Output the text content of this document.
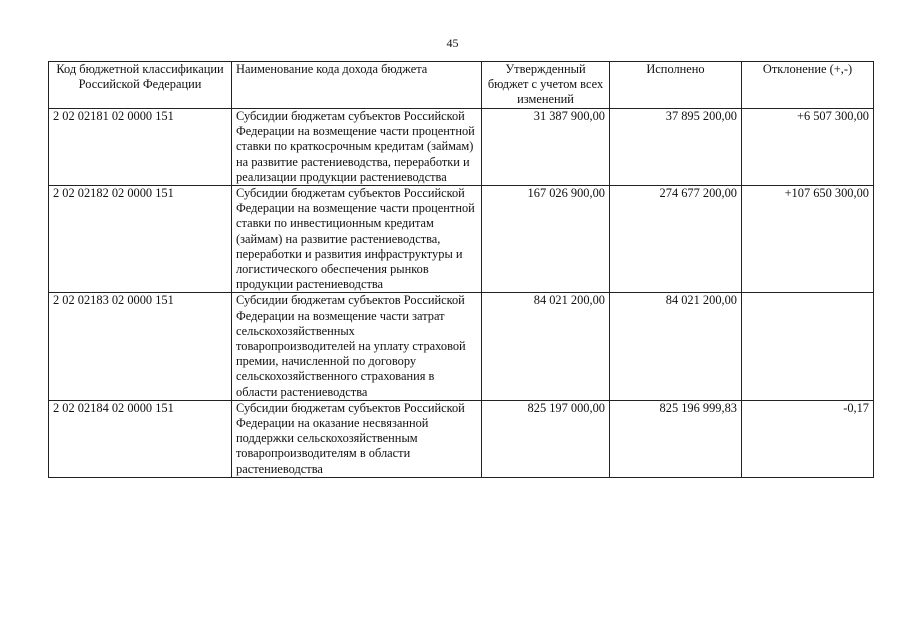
45
Код бюджетной классификации Российской Федерации	Наименование кода дохода бюджета	Утвержденный бюджет с учетом всех изменений	Исполнено	Отклонение (+,-)
2 02 02181 02 0000 151	Субсидии бюджетам субъектов Российской Федерации на возмещение части процентной ставки по краткосрочным кредитам (займам) на развитие растениеводства, переработки и реализации продукции растениеводства	31 387 900,00	37 895 200,00	+6 507 300,00
2 02 02182 02 0000 151	Субсидии бюджетам субъектов Российской Федерации на возмещение части процентной ставки по инвестиционным кредитам (займам) на развитие растениеводства, переработки и развития инфраструктуры и логистического обеспечения рынков продукции растениеводства	167 026 900,00	274 677 200,00	+107 650 300,00
2 02 02183 02 0000 151	Субсидии бюджетам субъектов Российской Федерации на возмещение части затрат сельскохозяйственных товаропроизводителей на уплату страховой премии, начисленной по договору сельскохозяйственного страхования в области растениеводства	84 021 200,00	84 021 200,00	
2 02 02184 02 0000 151	Субсидии бюджетам субъектов Российской Федерации на оказание несвязанной поддержки сельскохозяйственным товаропроизводителям в области растениеводства	825 197 000,00	825 196 999,83	-0,17
